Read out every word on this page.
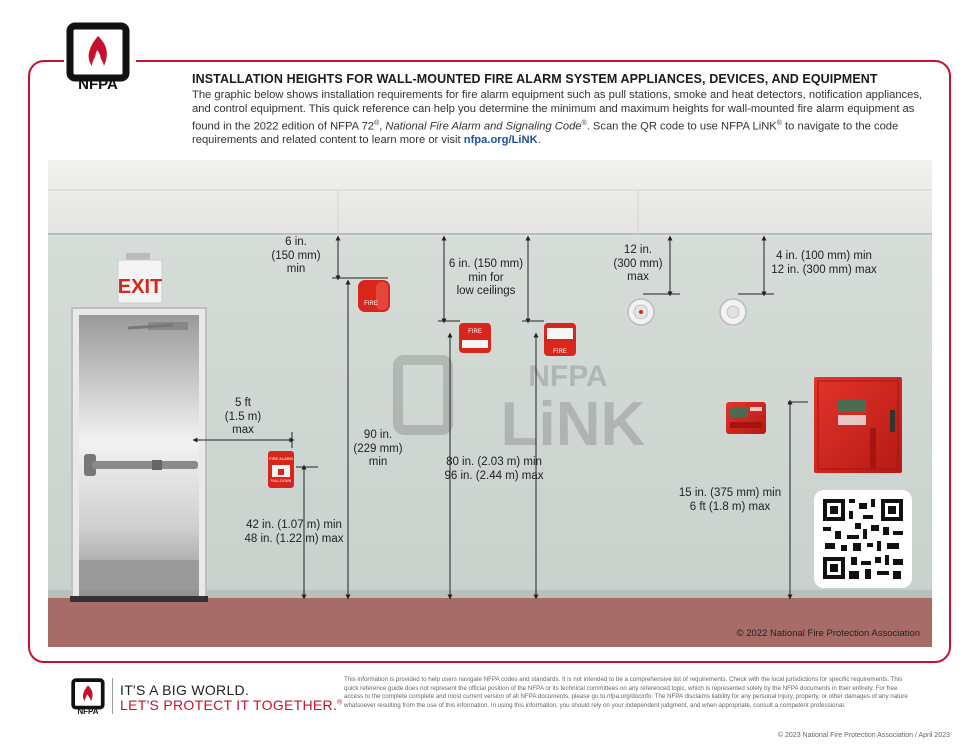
NFPA	INSTALLATION HEIGHTS FOR WALL-MOUNTED FIRE ALARM SYSTEM APPLIANCES, DEVICES, AND EQUIPMENT
The graphic below shows installation requirements for fire alarm equipment such as pull stations, smoke and heat detectors, notification appliances, and control equipment. This quick reference can help you determine the minimum and maximum heights for wall-mounted fire alarm equipment as found in the 2022 edition of NFPA 72®, National Fire Alarm and Signaling Code®. Scan the QR code to use NFPA LiNK® to navigate to the code requirements and related content to learn more or visit nfpa.org/LiNK.
NFPA
LiNK
EXIT
FIRE ALARM
PULL DOWN
FIRE
FIRE
FIRE
6 in.
(150 mm)
min
5 ft
(1.5 m)
max	90 in.
(229 mm)
min
42 in. (1.07 m) min
48 in. (1.22 m) max
6 in. (150 mm)
min for
low ceilings
80 in. (2.03 m) min
96 in. (2.44 m) max
12 in.
(300 mm)
max
4 in. (100 mm) min
12 in. (300 mm) max
15 in. (375 mm) min
6 ft (1.8 m) max
© 2022 National Fire Protection Association
NFPA
IT'S A BIG WORLD.
LET'S PROTECT IT TOGETHER.®
This information is provided to help users navigate NFPA codes and standards. It is not intended to be a comprehensive list of requirements. Check with the local jurisdictions for specific requirements. This quick reference guide does not represent the official position of the NFPA or its technical committees on any referenced topic, which is represented solely by the NFPA documents in their entirety. For free access to the complete complete and most current version of all NFPA documents, please go to nfpa.org/docinfo. The NFPA disclaims liability for any personal injury, property, or other damages of any nature whatsoever resulting from the use of this information. In using this information, you should rely on your independent judgment, and when appropriate, consult a competent professional.
© 2023 National Fire Protection Association / April 2023
